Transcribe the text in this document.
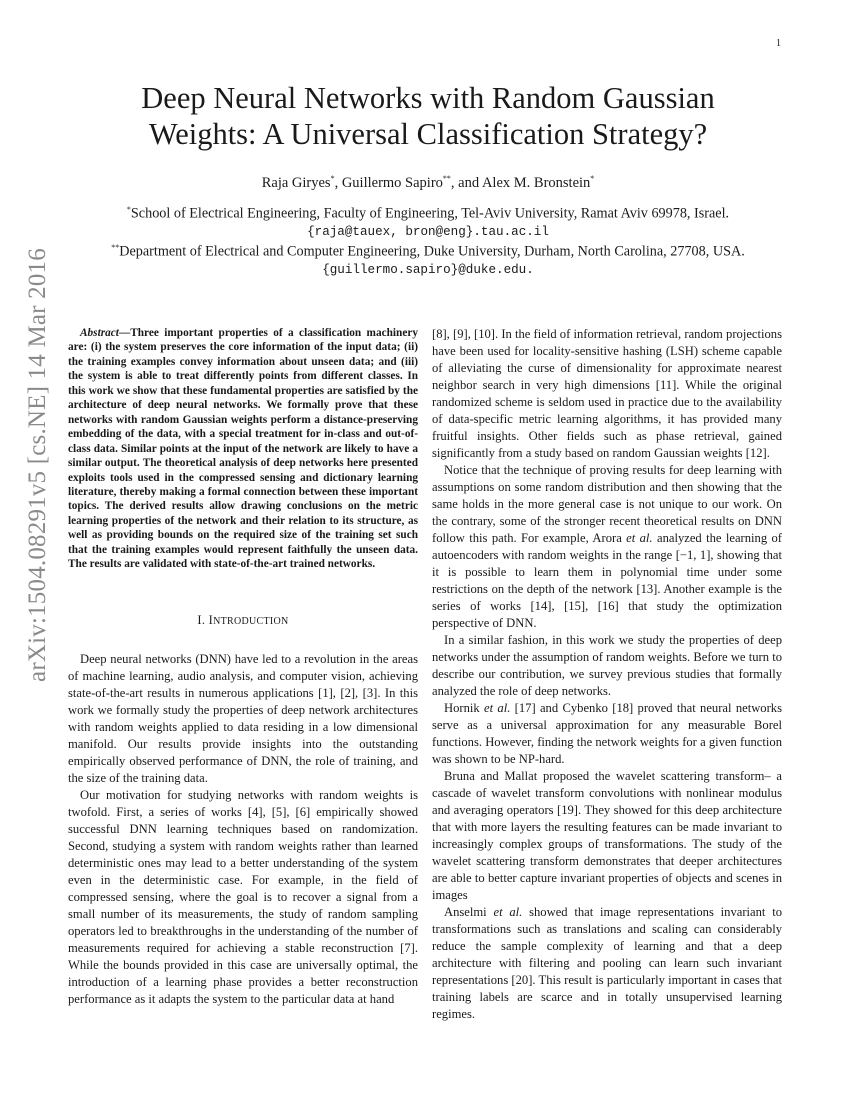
1
arXiv:1504.08291v5 [cs.NE] 14 Mar 2016
Deep Neural Networks with Random Gaussian
Weights: A Universal Classification Strategy?
Raja Giryes*, Guillermo Sapiro**, and Alex M. Bronstein*
*School of Electrical Engineering, Faculty of Engineering, Tel-Aviv University, Ramat Aviv 69978, Israel.
{raja@tauex, bron@eng}.tau.ac.il
**Department of Electrical and Computer Engineering, Duke University, Durham, North Carolina, 27708, USA.
{guillermo.sapiro}@duke.edu.

Abstract—Three important properties of a classification machinery are: (i) the system preserves the core information of the input data; (ii) the training examples convey information about unseen data; and (iii) the system is able to treat differently points from different classes. In this work we show that these fundamental properties are satisfied by the architecture of deep neural networks. We formally prove that these networks with random Gaussian weights perform a distance-preserving embedding of the data, with a special treatment for in-class and out-of-class data. Similar points at the input of the network are likely to have a similar output. The theoretical analysis of deep networks here presented exploits tools used in the compressed sensing and dictionary learning literature, thereby making a formal connection between these important topics. The derived results allow drawing conclusions on the metric learning properties of the network and their relation to its structure, as well as providing bounds on the required size of the training set such that the training examples would represent faithfully the unseen data. The results are validated with state-of-the-art trained networks.

I. INTRODUCTION

Deep neural networks (DNN) have led to a revolution in the areas of machine learning, audio analysis, and computer vision, achieving state-of-the-art results in numerous applications [1], [2], [3]. In this work we formally study the properties of deep network architectures with random weights applied to data residing in a low dimensional manifold. Our results provide insights into the outstanding empirically observed performance of DNN, the role of training, and the size of the training data.

Our motivation for studying networks with random weights is twofold. First, a series of works [4], [5], [6] empirically showed successful DNN learning techniques based on randomization. Second, studying a system with random weights rather than learned deterministic ones may lead to a better understanding of the system even in the deterministic case. For example, in the field of compressed sensing, where the goal is to recover a signal from a small number of its measurements, the study of random sampling operators led to breakthroughs in the understanding of the number of measurements required for achieving a stable reconstruction [7]. While the bounds provided in this case are universally optimal, the introduction of a learning phase provides a better reconstruction performance as it adapts the system to the particular data at hand

[8], [9], [10]. In the field of information retrieval, random projections have been used for locality-sensitive hashing (LSH) scheme capable of alleviating the curse of dimensionality for approximate nearest neighbor search in very high dimensions [11]. While the original randomized scheme is seldom used in practice due to the availability of data-specific metric learning algorithms, it has provided many fruitful insights. Other fields such as phase retrieval, gained significantly from a study based on random Gaussian weights [12].

Notice that the technique of proving results for deep learning with assumptions on some random distribution and then showing that the same holds in the more general case is not unique to our work. On the contrary, some of the stronger recent theoretical results on DNN follow this path. For example, Arora et al. analyzed the learning of autoencoders with random weights in the range [−1, 1], showing that it is possible to learn them in polynomial time under some restrictions on the depth of the network [13]. Another example is the series of works [14], [15], [16] that study the optimization perspective of DNN.

In a similar fashion, in this work we study the properties of deep networks under the assumption of random weights. Before we turn to describe our contribution, we survey previous studies that formally analyzed the role of deep networks.

Hornik et al. [17] and Cybenko [18] proved that neural networks serve as a universal approximation for any measurable Borel functions. However, finding the network weights for a given function was shown to be NP-hard.

Bruna and Mallat proposed the wavelet scattering transform– a cascade of wavelet transform convolutions with nonlinear modulus and averaging operators [19]. They showed for this deep architecture that with more layers the resulting features can be made invariant to increasingly complex groups of transformations. The study of the wavelet scattering transform demonstrates that deeper architectures are able to better capture invariant properties of objects and scenes in images

Anselmi et al. showed that image representations invariant to transformations such as translations and scaling can considerably reduce the sample complexity of learning and that a deep architecture with filtering and pooling can learn such invariant representations [20]. This result is particularly important in cases that training labels are scarce and in totally unsupervised learning regimes.
